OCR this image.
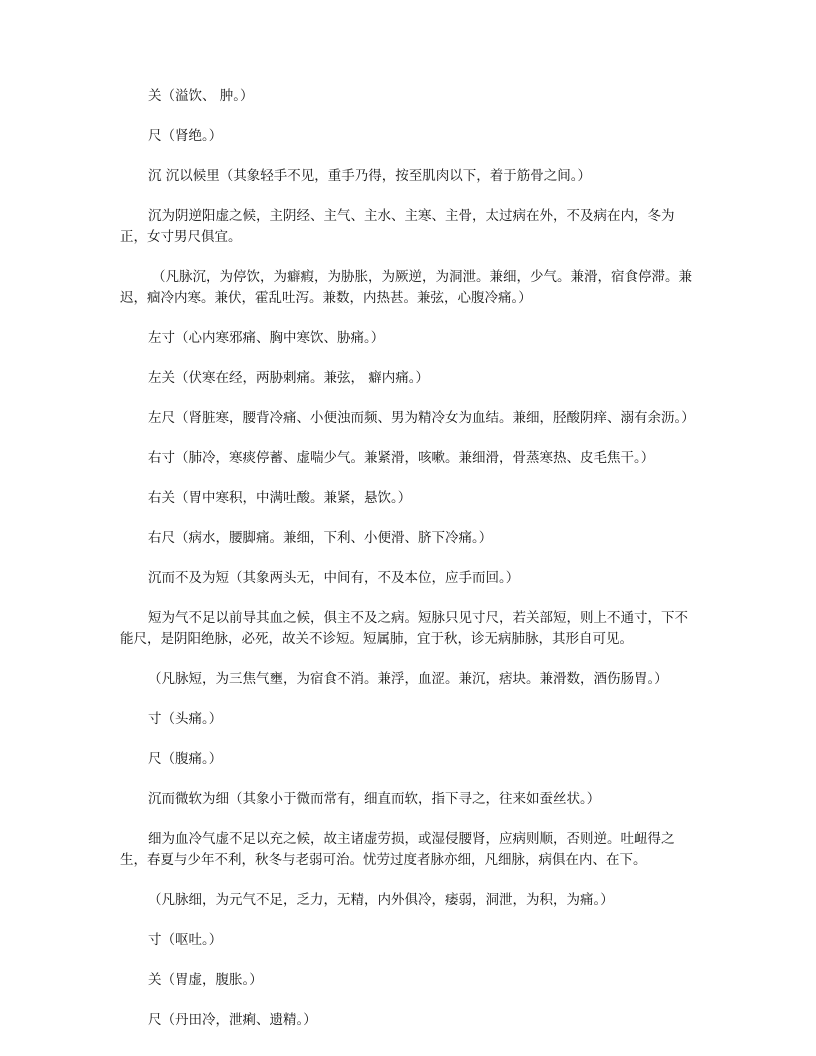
关（溢饮、 肿。）

尺（肾绝。）

沉 沉以候里（其象轻手不见，重手乃得，按至肌肉以下，着于筋骨之间。）

沉为阴逆阳虚之候，主阴经、主气、主水、主寒、主骨，太过病在外，不及病在内，冬为正，女寸男尺俱宜。

（凡脉沉，为停饮，为癖瘕，为胁胀，为厥逆，为洞泄。兼细，少气。兼滑，宿食停滞。兼迟，痼冷内寒。兼伏，霍乱吐泻。兼数，内热甚。兼弦，心腹冷痛。）

左寸（心内寒邪痛、胸中寒饮、胁痛。）

左关（伏寒在经，两胁刺痛。兼弦， 癖内痛。）

左尺（肾脏寒，腰背冷痛、小便浊而频、男为精冷女为血结。兼细，胫酸阴痒、溺有余沥。）

右寸（肺冷，寒痰停蓄、虚喘少气。兼紧滑，咳嗽。兼细滑，骨蒸寒热、皮毛焦干。）

右关（胃中寒积，中满吐酸。兼紧，悬饮。）

右尺（病水，腰脚痛。兼细，下利、小便滑、脐下冷痛。）

沉而不及为短（其象两头无，中间有，不及本位，应手而回。）

短为气不足以前导其血之候，俱主不及之病。短脉只见寸尺，若关部短，则上不通寸，下不能尺，是阴阳绝脉，必死，故关不诊短。短属肺，宜于秋，诊无病肺脉，其形自可见。

（凡脉短，为三焦气壅，为宿食不消。兼浮，血涩。兼沉，痞块。兼滑数，酒伤肠胃。）

寸（头痛。）

尺（腹痛。）

沉而微软为细（其象小于微而常有，细直而软，指下寻之，往来如蚕丝状。）

细为血冷气虚不足以充之候，故主诸虚劳损，或湿侵腰肾，应病则顺，否则逆。吐衄得之生，春夏与少年不利，秋冬与老弱可治。忧劳过度者脉亦细，凡细脉，病俱在内、在下。

（凡脉细，为元气不足，乏力，无精，内外俱冷，痿弱，洞泄，为积，为痛。）

寸（呕吐。）

关（胃虚，腹胀。）

尺（丹田冷，泄痢、遗精。）
